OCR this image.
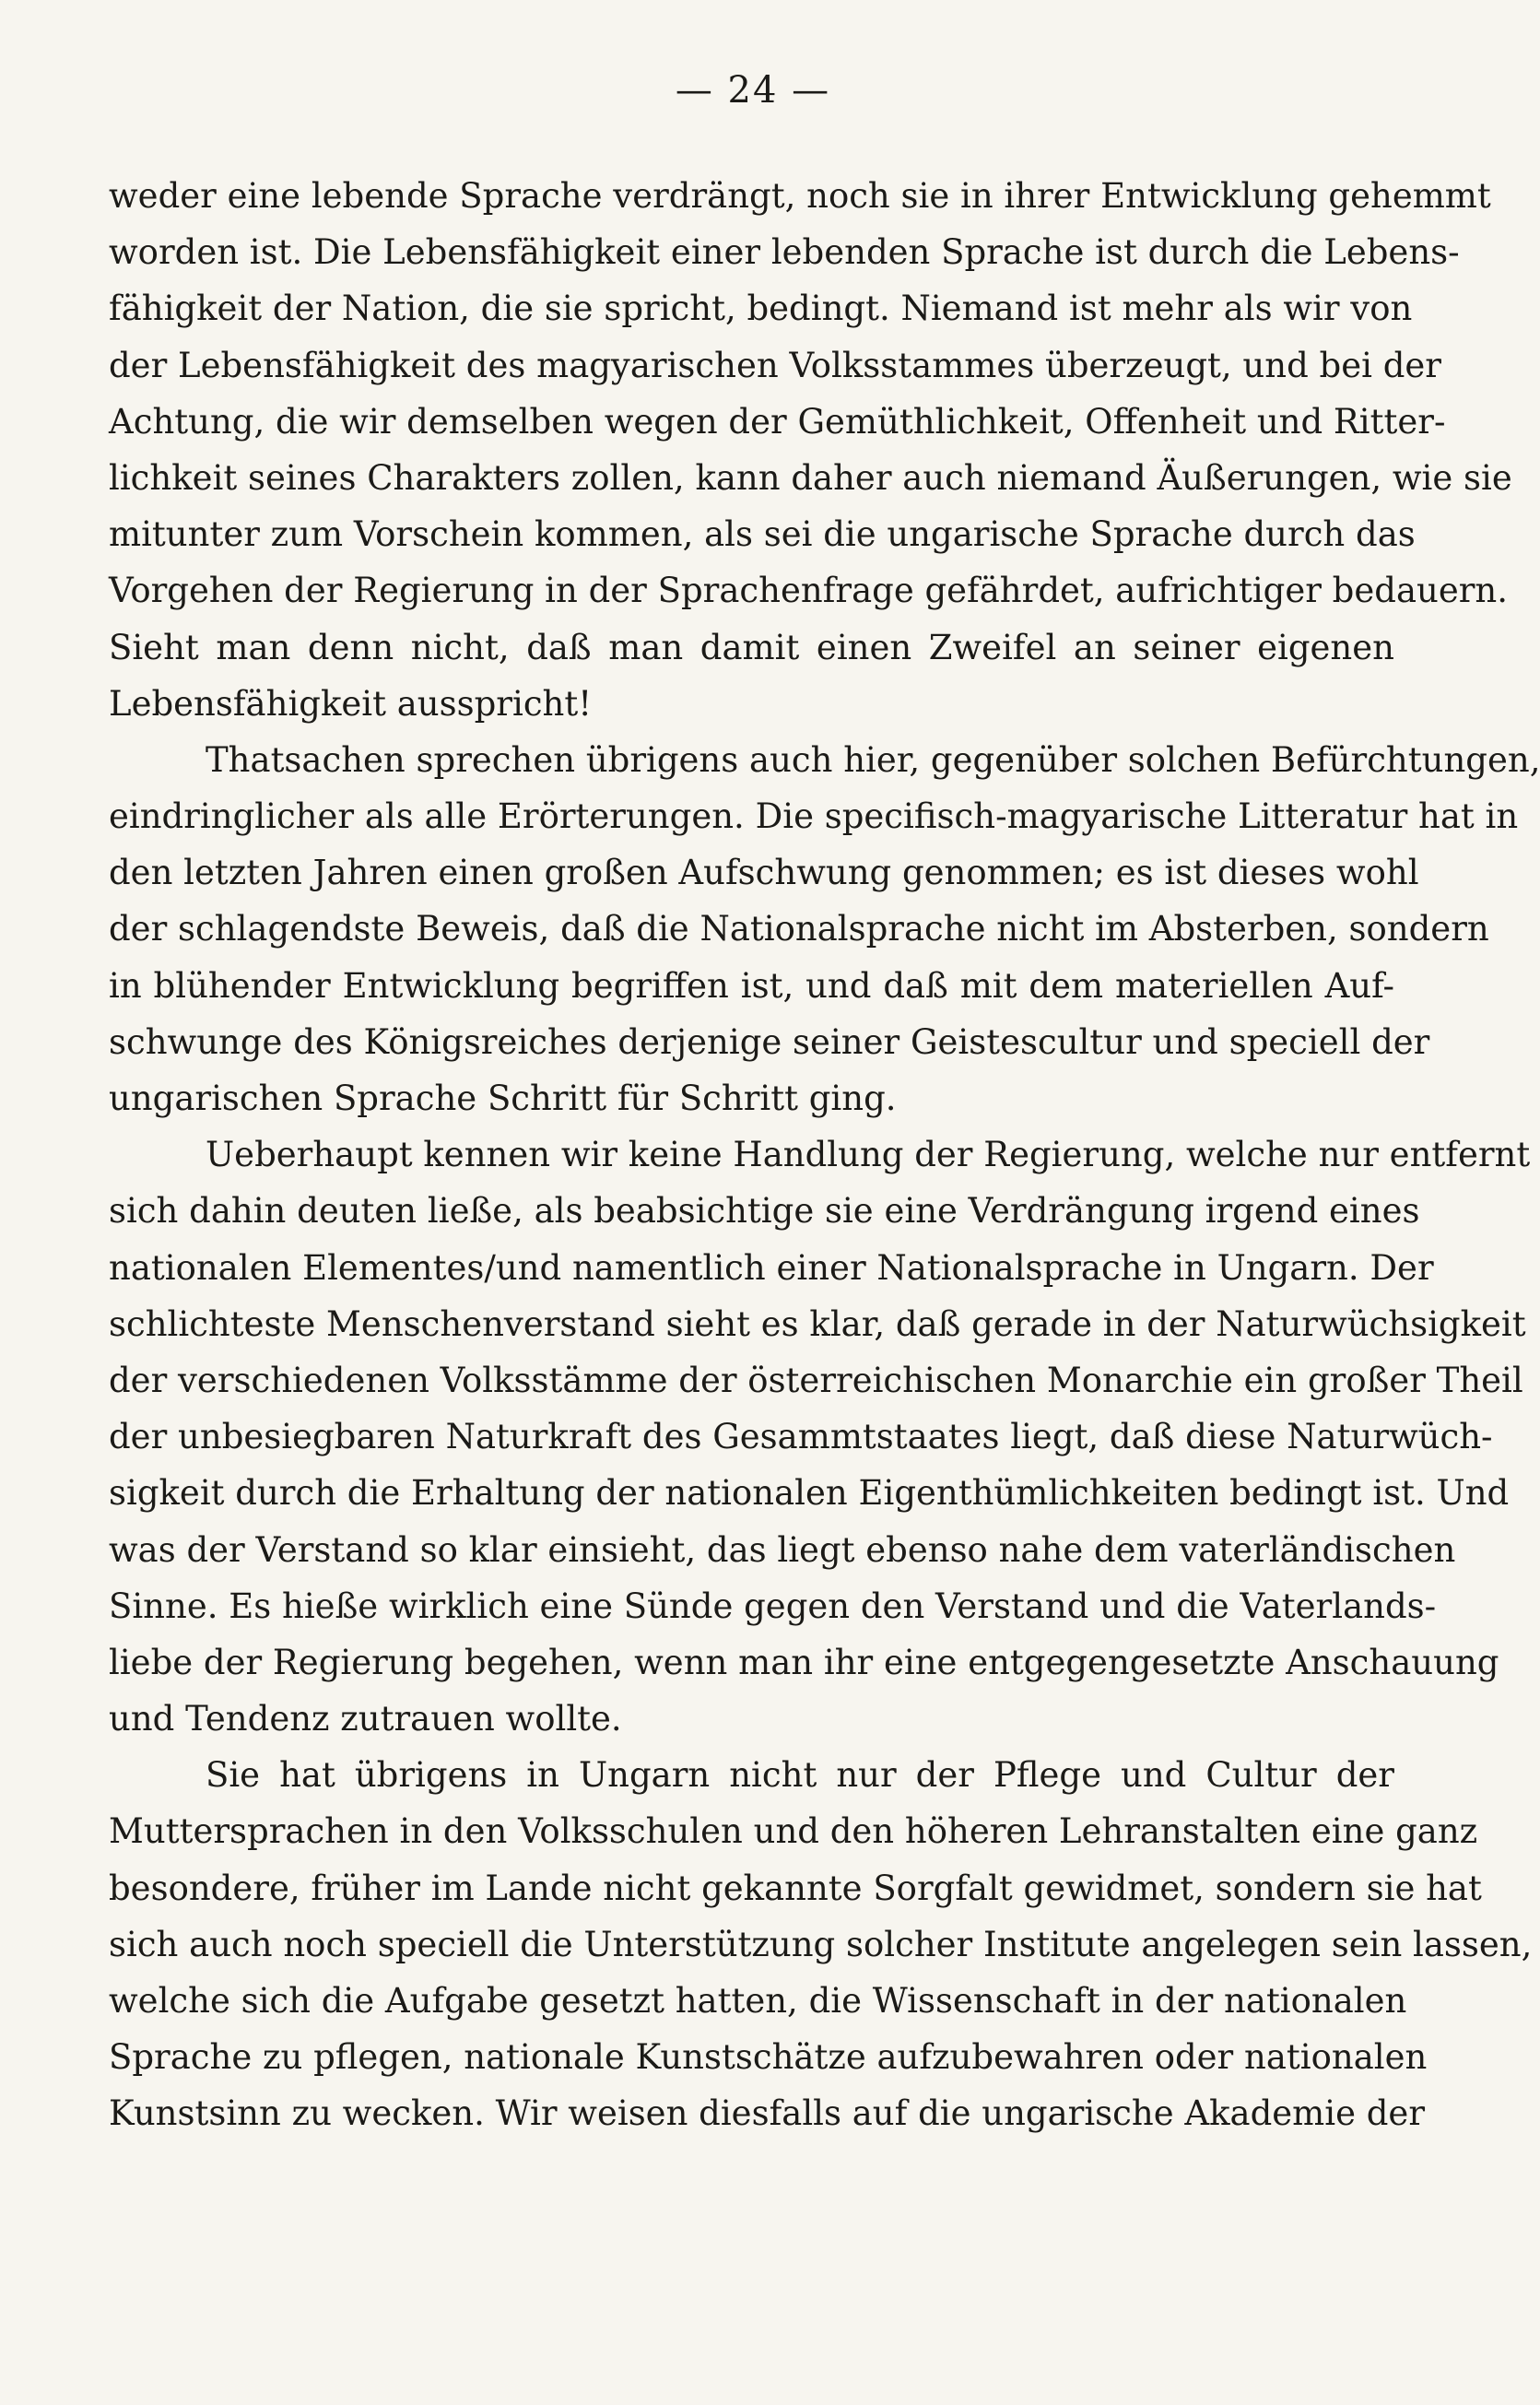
— 24 —
weder eine lebende Sprache verdrängt, noch sie in ihrer Entwicklung gehemmt
worden ist. Die Lebensfähigkeit einer lebenden Sprache ist durch die Lebens-
fähigkeit der Nation, die sie spricht, bedingt. Niemand ist mehr als wir von
der Lebensfähigkeit des magyarischen Volksstammes überzeugt, und bei der
Achtung, die wir demselben wegen der Gemüthlichkeit, Offenheit und Ritter-
lichkeit seines Charakters zollen, kann daher auch niemand Äußerungen, wie sie
mitunter zum Vorschein kommen, als sei die ungarische Sprache durch das
Vorgehen der Regierung in der Sprachenfrage gefährdet, aufrichtiger bedauern.
Sieht man denn nicht, daß man damit einen Zweifel an seiner eigenen
Lebensfähigkeit ausspricht!
Thatsachen sprechen übrigens auch hier, gegenüber solchen Befürchtungen,
eindringlicher als alle Erörterungen. Die specifisch-magyarische Litteratur hat in
den letzten Jahren einen großen Aufschwung genommen; es ist dieses wohl
der schlagendste Beweis, daß die Nationalsprache nicht im Absterben, sondern
in blühender Entwicklung begriffen ist, und daß mit dem materiellen Auf-
schwunge des Königsreiches derjenige seiner Geistescultur und speciell der
ungarischen Sprache Schritt für Schritt ging.
Ueberhaupt kennen wir keine Handlung der Regierung, welche nur entfernt
sich dahin deuten ließe, als beabsichtige sie eine Verdrängung irgend eines
nationalen Elementes/und namentlich einer Nationalsprache in Ungarn. Der
schlichteste Menschenverstand sieht es klar, daß gerade in der Naturwüchsigkeit
der verschiedenen Volksstämme der österreichischen Monarchie ein großer Theil
der unbesiegbaren Naturkraft des Gesammtstaates liegt, daß diese Naturwüch-
sigkeit durch die Erhaltung der nationalen Eigenthümlichkeiten bedingt ist. Und
was der Verstand so klar einsieht, das liegt ebenso nahe dem vaterländischen
Sinne. Es hieße wirklich eine Sünde gegen den Verstand und die Vaterlands-
liebe der Regierung begehen, wenn man ihr eine entgegengesetzte Anschauung
und Tendenz zutrauen wollte.
Sie hat übrigens in Ungarn nicht nur der Pflege und Cultur der
Muttersprachen in den Volksschulen und den höheren Lehranstalten eine ganz
besondere, früher im Lande nicht gekannte Sorgfalt gewidmet, sondern sie hat
sich auch noch speciell die Unterstützung solcher Institute angelegen sein lassen,
welche sich die Aufgabe gesetzt hatten, die Wissenschaft in der nationalen
Sprache zu pflegen, nationale Kunstschätze aufzubewahren oder nationalen
Kunstsinn zu wecken. Wir weisen diesfalls auf die ungarische Akademie der
